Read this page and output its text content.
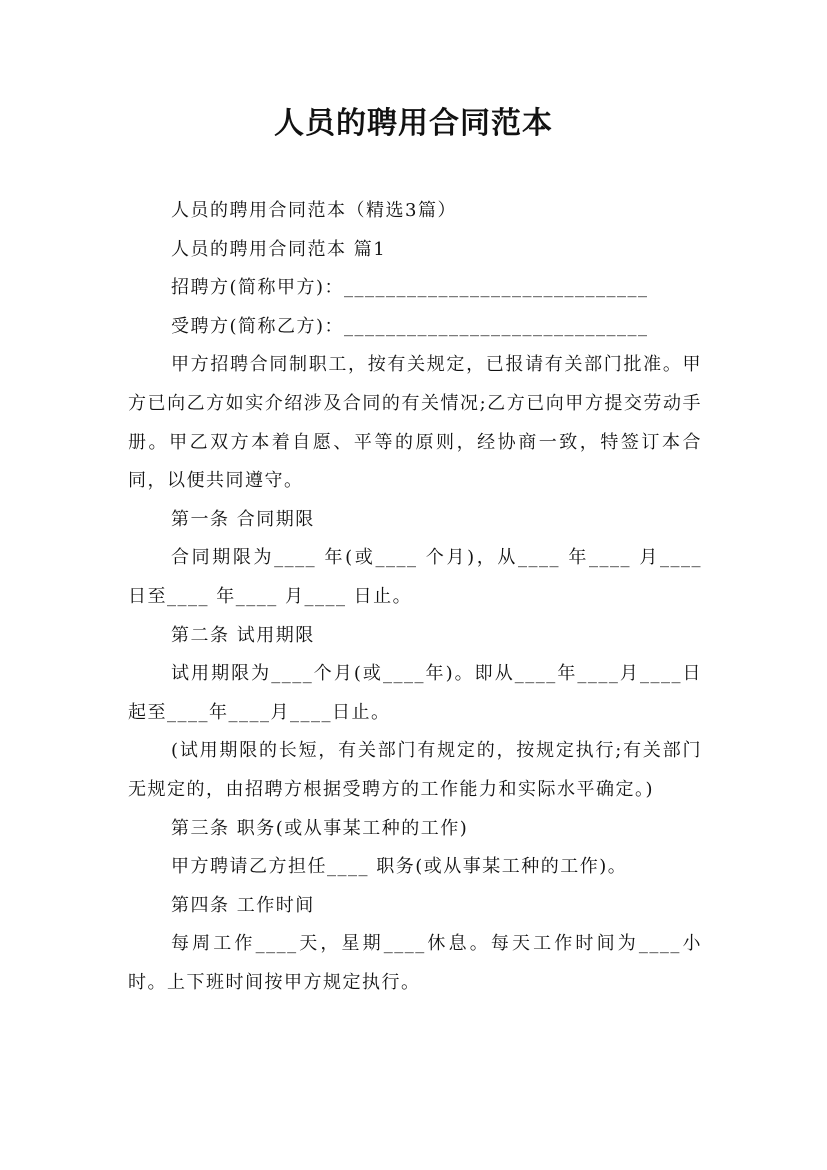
人员的聘用合同范本

人员的聘用合同范本（精选3篇）

人员的聘用合同范本 篇1

招聘方(简称甲方)：_____________________________

受聘方(简称乙方)：_____________________________

甲方招聘合同制职工，按有关规定，已报请有关部门批准。甲方已向乙方如实介绍涉及合同的有关情况;乙方已向甲方提交劳动手册。甲乙双方本着自愿、平等的原则，经协商一致，特签订本合同，以便共同遵守。

第一条 合同期限

合同期限为____ 年(或____ 个月)，从____ 年____ 月____ 日至____ 年____ 月____ 日止。

第二条 试用期限

试用期限为____个月(或____年)。即从____年____月____日起至____年____月____日止。

(试用期限的长短，有关部门有规定的，按规定执行;有关部门无规定的，由招聘方根据受聘方的工作能力和实际水平确定。)

第三条 职务(或从事某工种的工作)

甲方聘请乙方担任____ 职务(或从事某工种的工作)。

第四条 工作时间

每周工作____天，星期____休息。每天工作时间为____小时。上下班时间按甲方规定执行。
